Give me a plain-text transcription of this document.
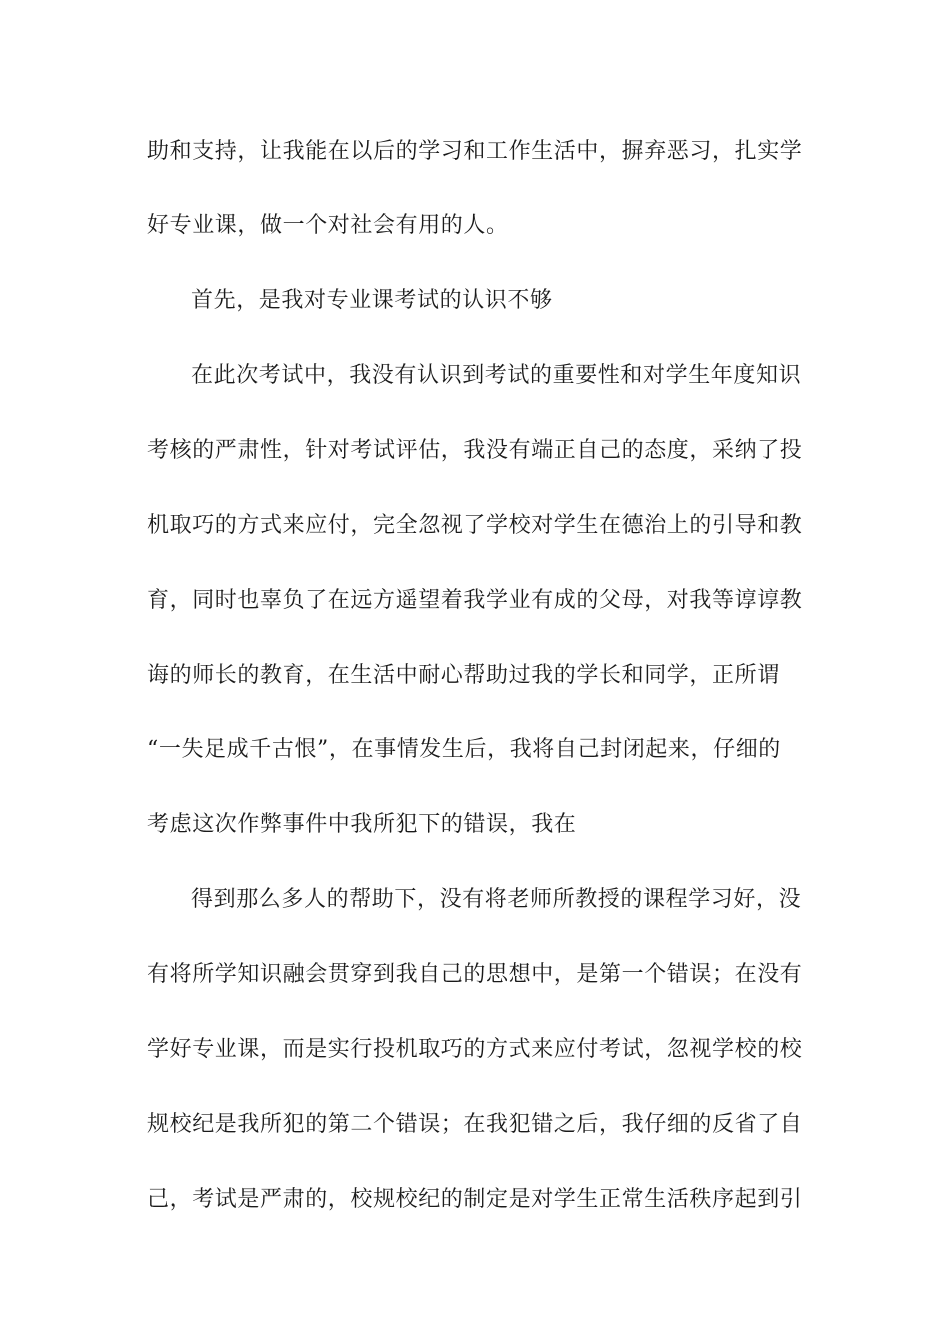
助和支持，让我能在以后的学习和工作生活中，摒弃恶习，扎实学
好专业课，做一个对社会有用的人。
首先，是我对专业课考试的认识不够
在此次考试中，我没有认识到考试的重要性和对学生年度知识
考核的严肃性，针对考试评估，我没有端正自己的态度，采纳了投
机取巧的方式来应付，完全忽视了学校对学生在德治上的引导和教
育，同时也辜负了在远方遥望着我学业有成的父母，对我等谆谆教
诲的师长的教育，在生活中耐心帮助过我的学长和同学，正所谓
“一失足成千古恨”，在事情发生后，我将自己封闭起来，仔细的
考虑这次作弊事件中我所犯下的错误，我在
得到那么多人的帮助下，没有将老师所教授的课程学习好，没
有将所学知识融会贯穿到我自己的思想中，是第一个错误；在没有
学好专业课，而是实行投机取巧的方式来应付考试，忽视学校的校
规校纪是我所犯的第二个错误；在我犯错之后，我仔细的反省了自
己，考试是严肃的，校规校纪的制定是对学生正常生活秩序起到引
